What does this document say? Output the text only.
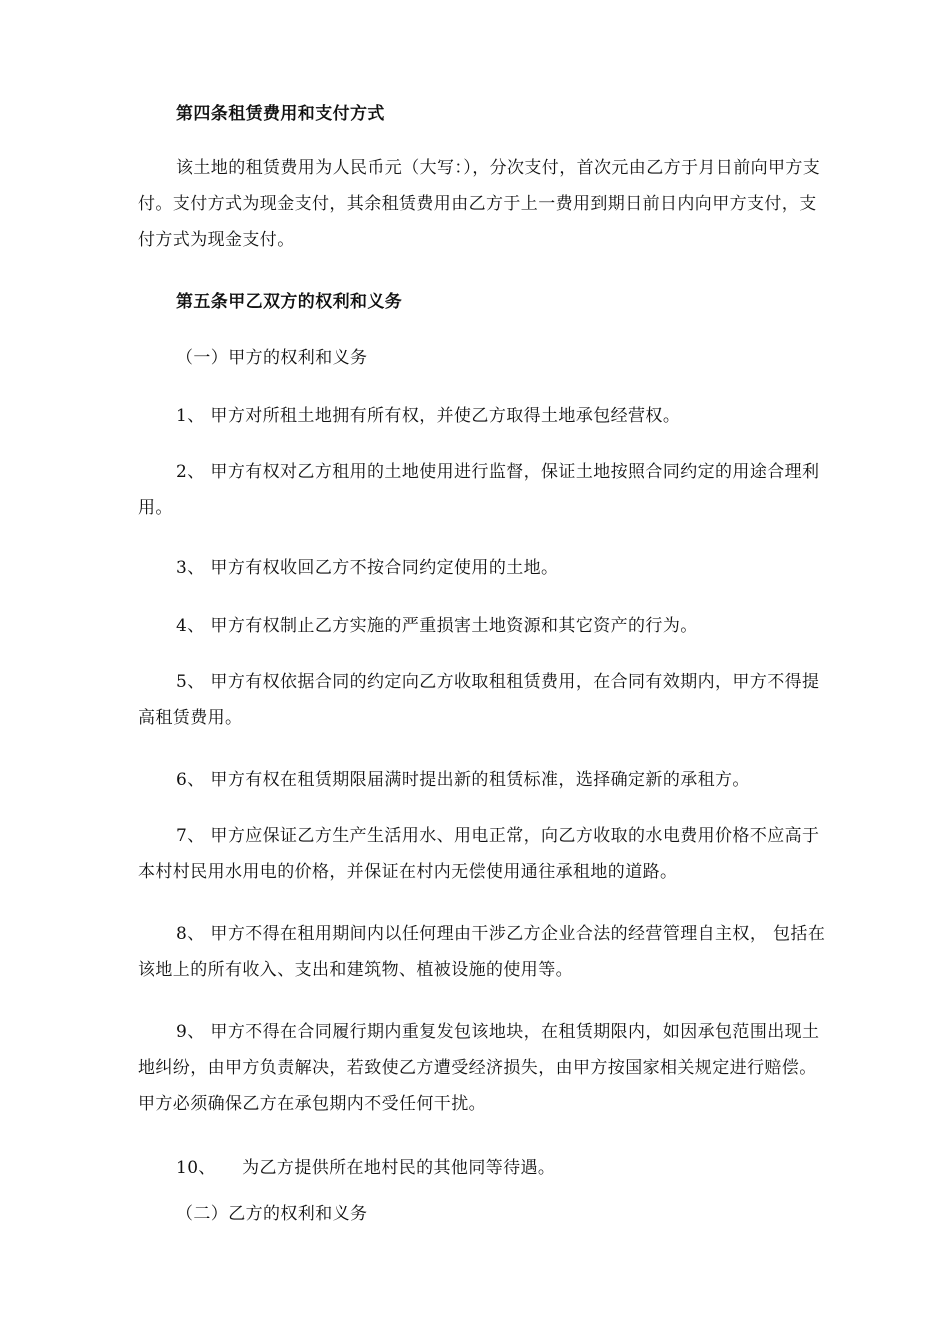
第四条租赁费用和支付方式

该土地的租赁费用为人民币元（大写：），分次支付，首次元由乙方于月日前向甲方支付。支付方式为现金支付，其余租赁费用由乙方于上一费用到期日前日内向甲方支付，支付方式为现金支付。

第五条甲乙双方的权利和义务

（一）甲方的权利和义务

1、 甲方对所租土地拥有所有权，并使乙方取得土地承包经营权。

2、 甲方有权对乙方租用的土地使用进行监督，保证土地按照合同约定的用途合理利用。

3、 甲方有权收回乙方不按合同约定使用的土地。

4、 甲方有权制止乙方实施的严重损害土地资源和其它资产的行为。

5、 甲方有权依据合同的约定向乙方收取租租赁费用，在合同有效期内，甲方不得提高租赁费用。

6、 甲方有权在租赁期限届满时提出新的租赁标准，选择确定新的承租方。

7、 甲方应保证乙方生产生活用水、用电正常，向乙方收取的水电费用价格不应高于本村村民用水用电的价格，并保证在村内无偿使用通往承租地的道路。

8、 甲方不得在租用期间内以任何理由干涉乙方企业合法的经营管理自主权， 包括在该地上的所有收入、支出和建筑物、植被设施的使用等。

9、 甲方不得在合同履行期内重复发包该地块，在租赁期限内，如因承包范围出现土地纠纷，由甲方负责解决，若致使乙方遭受经济损失，由甲方按国家相关规定进行赔偿。甲方必须确保乙方在承包期内不受任何干扰。

10、　　为乙方提供所在地村民的其他同等待遇。

（二）乙方的权利和义务
